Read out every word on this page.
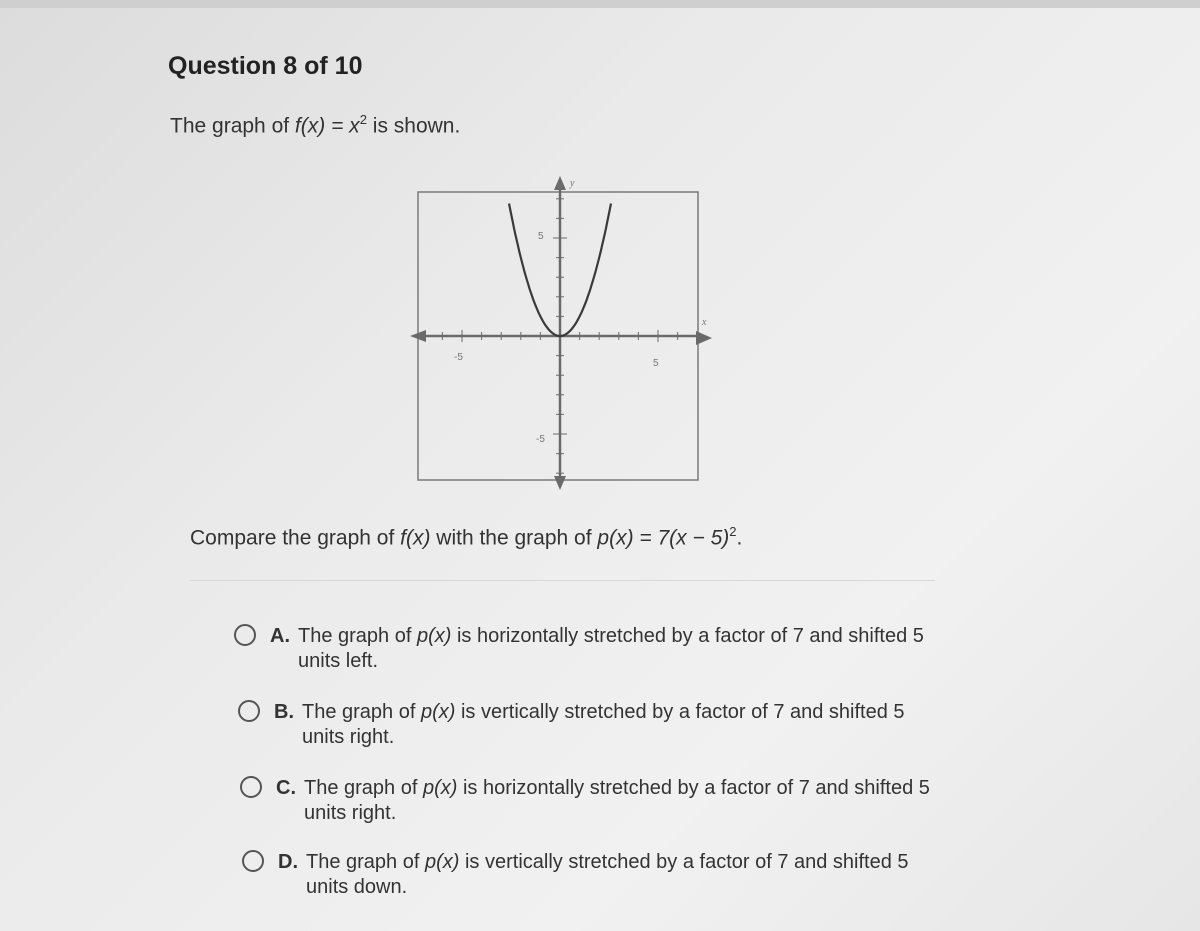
Question 8 of 10
The graph of $f(x) = x^2$ is shown.
x
y
-5
5
5
-5
Compare the graph of f(x) with the graph of $p(x) = 7(x - 5)^2$.
A. The graph of p(x) is horizontally stretched by a factor of 7 and shifted 5 units left.
B. The graph of p(x) is vertically stretched by a factor of 7 and shifted 5 units right.
C. The graph of p(x) is horizontally stretched by a factor of 7 and shifted 5 units right.
D. The graph of p(x) is vertically stretched by a factor of 7 and shifted 5 units down.
